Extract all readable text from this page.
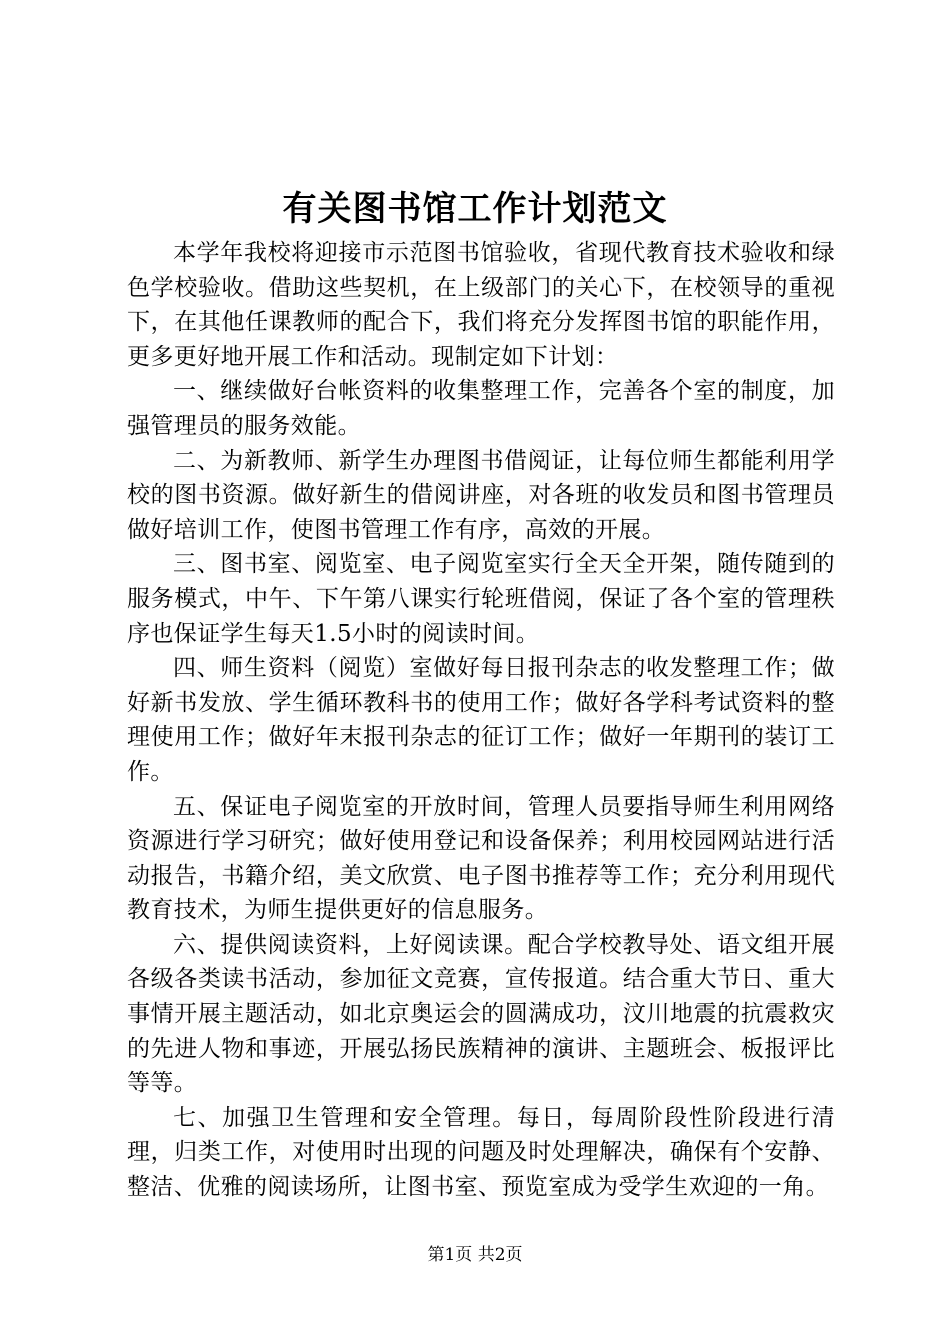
有关图书馆工作计划范文

本学年我校将迎接市示范图书馆验收，省现代教育技术验收和绿色学校验收。借助这些契机，在上级部门的关心下，在校领导的重视下，在其他任课教师的配合下，我们将充分发挥图书馆的职能作用，更多更好地开展工作和活动。现制定如下计划：

一、继续做好台帐资料的收集整理工作，完善各个室的制度，加强管理员的服务效能。

二、为新教师、新学生办理图书借阅证，让每位师生都能利用学校的图书资源。做好新生的借阅讲座，对各班的收发员和图书管理员做好培训工作，使图书管理工作有序，高效的开展。

三、图书室、阅览室、电子阅览室实行全天全开架，随传随到的服务模式，中午、下午第八课实行轮班借阅，保证了各个室的管理秩序也保证学生每天1.5小时的阅读时间。

四、师生资料（阅览）室做好每日报刊杂志的收发整理工作；做好新书发放、学生循环教科书的使用工作；做好各学科考试资料的整理使用工作；做好年末报刊杂志的征订工作；做好一年期刊的装订工作。

五、保证电子阅览室的开放时间，管理人员要指导师生利用网络资源进行学习研究；做好使用登记和设备保养；利用校园网站进行活动报告，书籍介绍，美文欣赏、电子图书推荐等工作；充分利用现代教育技术，为师生提供更好的信息服务。

六、提供阅读资料，上好阅读课。配合学校教导处、语文组开展各级各类读书活动，参加征文竞赛，宣传报道。结合重大节日、重大事情开展主题活动，如北京奥运会的圆满成功，汶川地震的抗震救灾的先进人物和事迹，开展弘扬民族精神的演讲、主题班会、板报评比等等。

七、加强卫生管理和安全管理。每日，每周阶段性阶段进行清理，归类工作，对使用时出现的问题及时处理解决，确保有个安静、整洁、优雅的阅读场所，让图书室、预览室成为受学生欢迎的一角。

第1页 共2页
